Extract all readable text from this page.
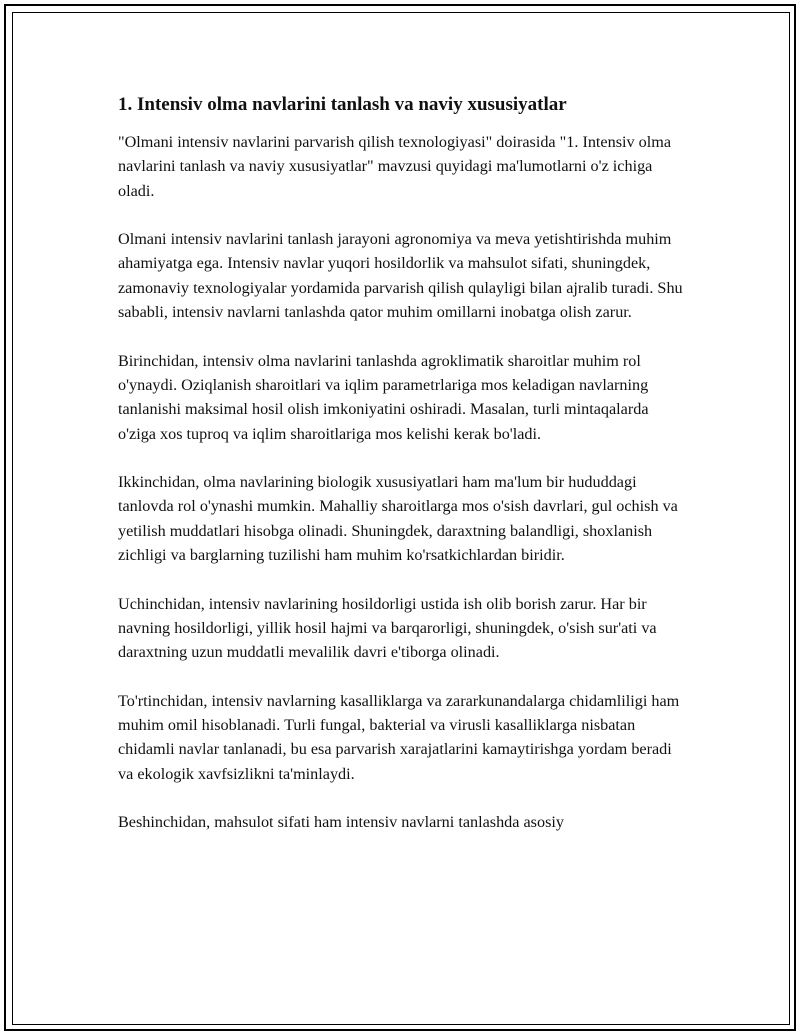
1. Intensiv olma navlarini tanlash va naviy xususiyatlar

"Olmani intensiv navlarini parvarish qilish texnologiyasi" doirasida "1. Intensiv olma navlarini tanlash va naviy xususiyatlar" mavzusi quyidagi ma'lumotlarni o'z ichiga oladi.

Olmani intensiv navlarini tanlash jarayoni agronomiya va meva yetishtirishda muhim ahamiyatga ega. Intensiv navlar yuqori hosildorlik va mahsulot sifati, shuningdek, zamonaviy texnologiyalar yordamida parvarish qilish qulayligi bilan ajralib turadi. Shu sababli, intensiv navlarni tanlashda qator muhim omillarni inobatga olish zarur.

Birinchidan, intensiv olma navlarini tanlashda agroklimatik sharoitlar muhim rol o'ynaydi. Oziqlanish sharoitlari va iqlim parametrlariga mos keladigan navlarning tanlanishi maksimal hosil olish imkoniyatini oshiradi. Masalan, turli mintaqalarda o'ziga xos tuproq va iqlim sharoitlariga mos kelishi kerak bo'ladi.

Ikkinchidan, olma navlarining biologik xususiyatlari ham ma'lum bir hududdagi tanlovda rol o'ynashi mumkin. Mahalliy sharoitlarga mos o'sish davrlari, gul ochish va yetilish muddatlari hisobga olinadi. Shuningdek, daraxtning balandligi, shoxlanish zichligi va barglarning tuzilishi ham muhim ko'rsatkichlardan biridir.

Uchinchidan, intensiv navlarining hosildorligi ustida ish olib borish zarur. Har bir navning hosildorligi, yillik hosil hajmi va barqarorligi, shuningdek, o'sish sur'ati va daraxtning uzun muddatli mevalilik davri e'tiborga olinadi.

To'rtinchidan, intensiv navlarning kasalliklarga va zararkunandalarga chidamliligi ham muhim omil hisoblanadi. Turli fungal, bakterial va virusli kasalliklarga nisbatan chidamli navlar tanlanadi, bu esa parvarish xarajatlarini kamaytirishga yordam beradi va ekologik xavfsizlikni ta'minlaydi.

Beshinchidan, mahsulot sifati ham intensiv navlarni tanlashda asosiy
